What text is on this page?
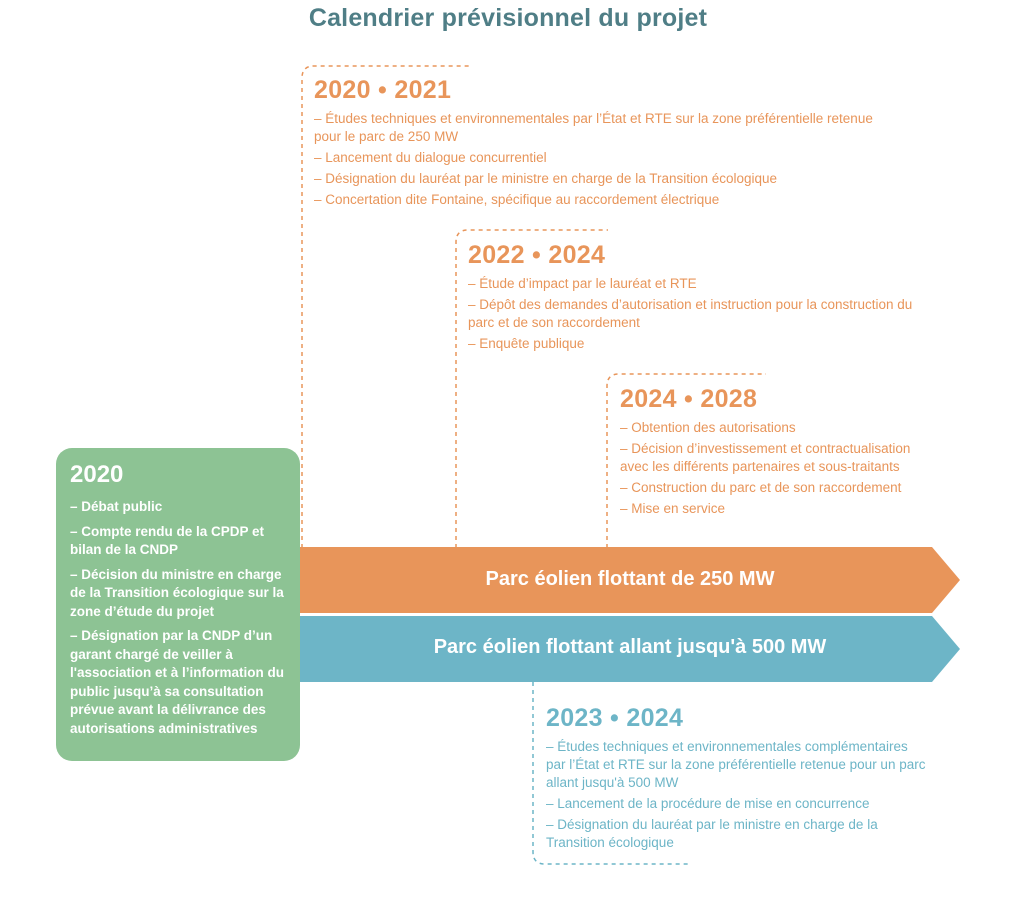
Calendrier prévisionnel du projet
Parc éolien flottant de 250 MW
Parc éolien flottant allant jusqu'à 500 MW
2020
– Débat public
– Compte rendu de la CPDP et bilan de la CNDP
– Décision du ministre en charge de la Transition écologique sur la zone d’étude du projet
– Désignation par la CNDP d’un garant chargé de veiller à l'association et à l’information du public jusqu’à sa consultation prévue avant la délivrance des autorisations administratives
2020 • 2021
– Études techniques et environnementales par l’État et RTE sur la zone préférentielle retenue pour le parc de 250 MW
– Lancement du dialogue concurrentiel
– Désignation du lauréat par le ministre en charge de la Transition écologique
– Concertation dite Fontaine, spécifique au raccordement électrique
2022 • 2024
– Étude d’impact par le lauréat et RTE
– Dépôt des demandes d’autorisation et instruction pour la construction du parc et de son raccordement
– Enquête publique
2024 • 2028
– Obtention des autorisations
– Décision d’investissement et contractualisation avec les différents partenaires et sous-traitants
– Construction du parc et de son raccordement
– Mise en service
2023 • 2024
– Études techniques et environnementales complémentaires par l’État et RTE sur la zone préférentielle retenue pour un parc allant jusqu'à 500 MW
– Lancement de la procédure de mise en concurrence
– Désignation du lauréat par le ministre en charge de la Transition écologique
